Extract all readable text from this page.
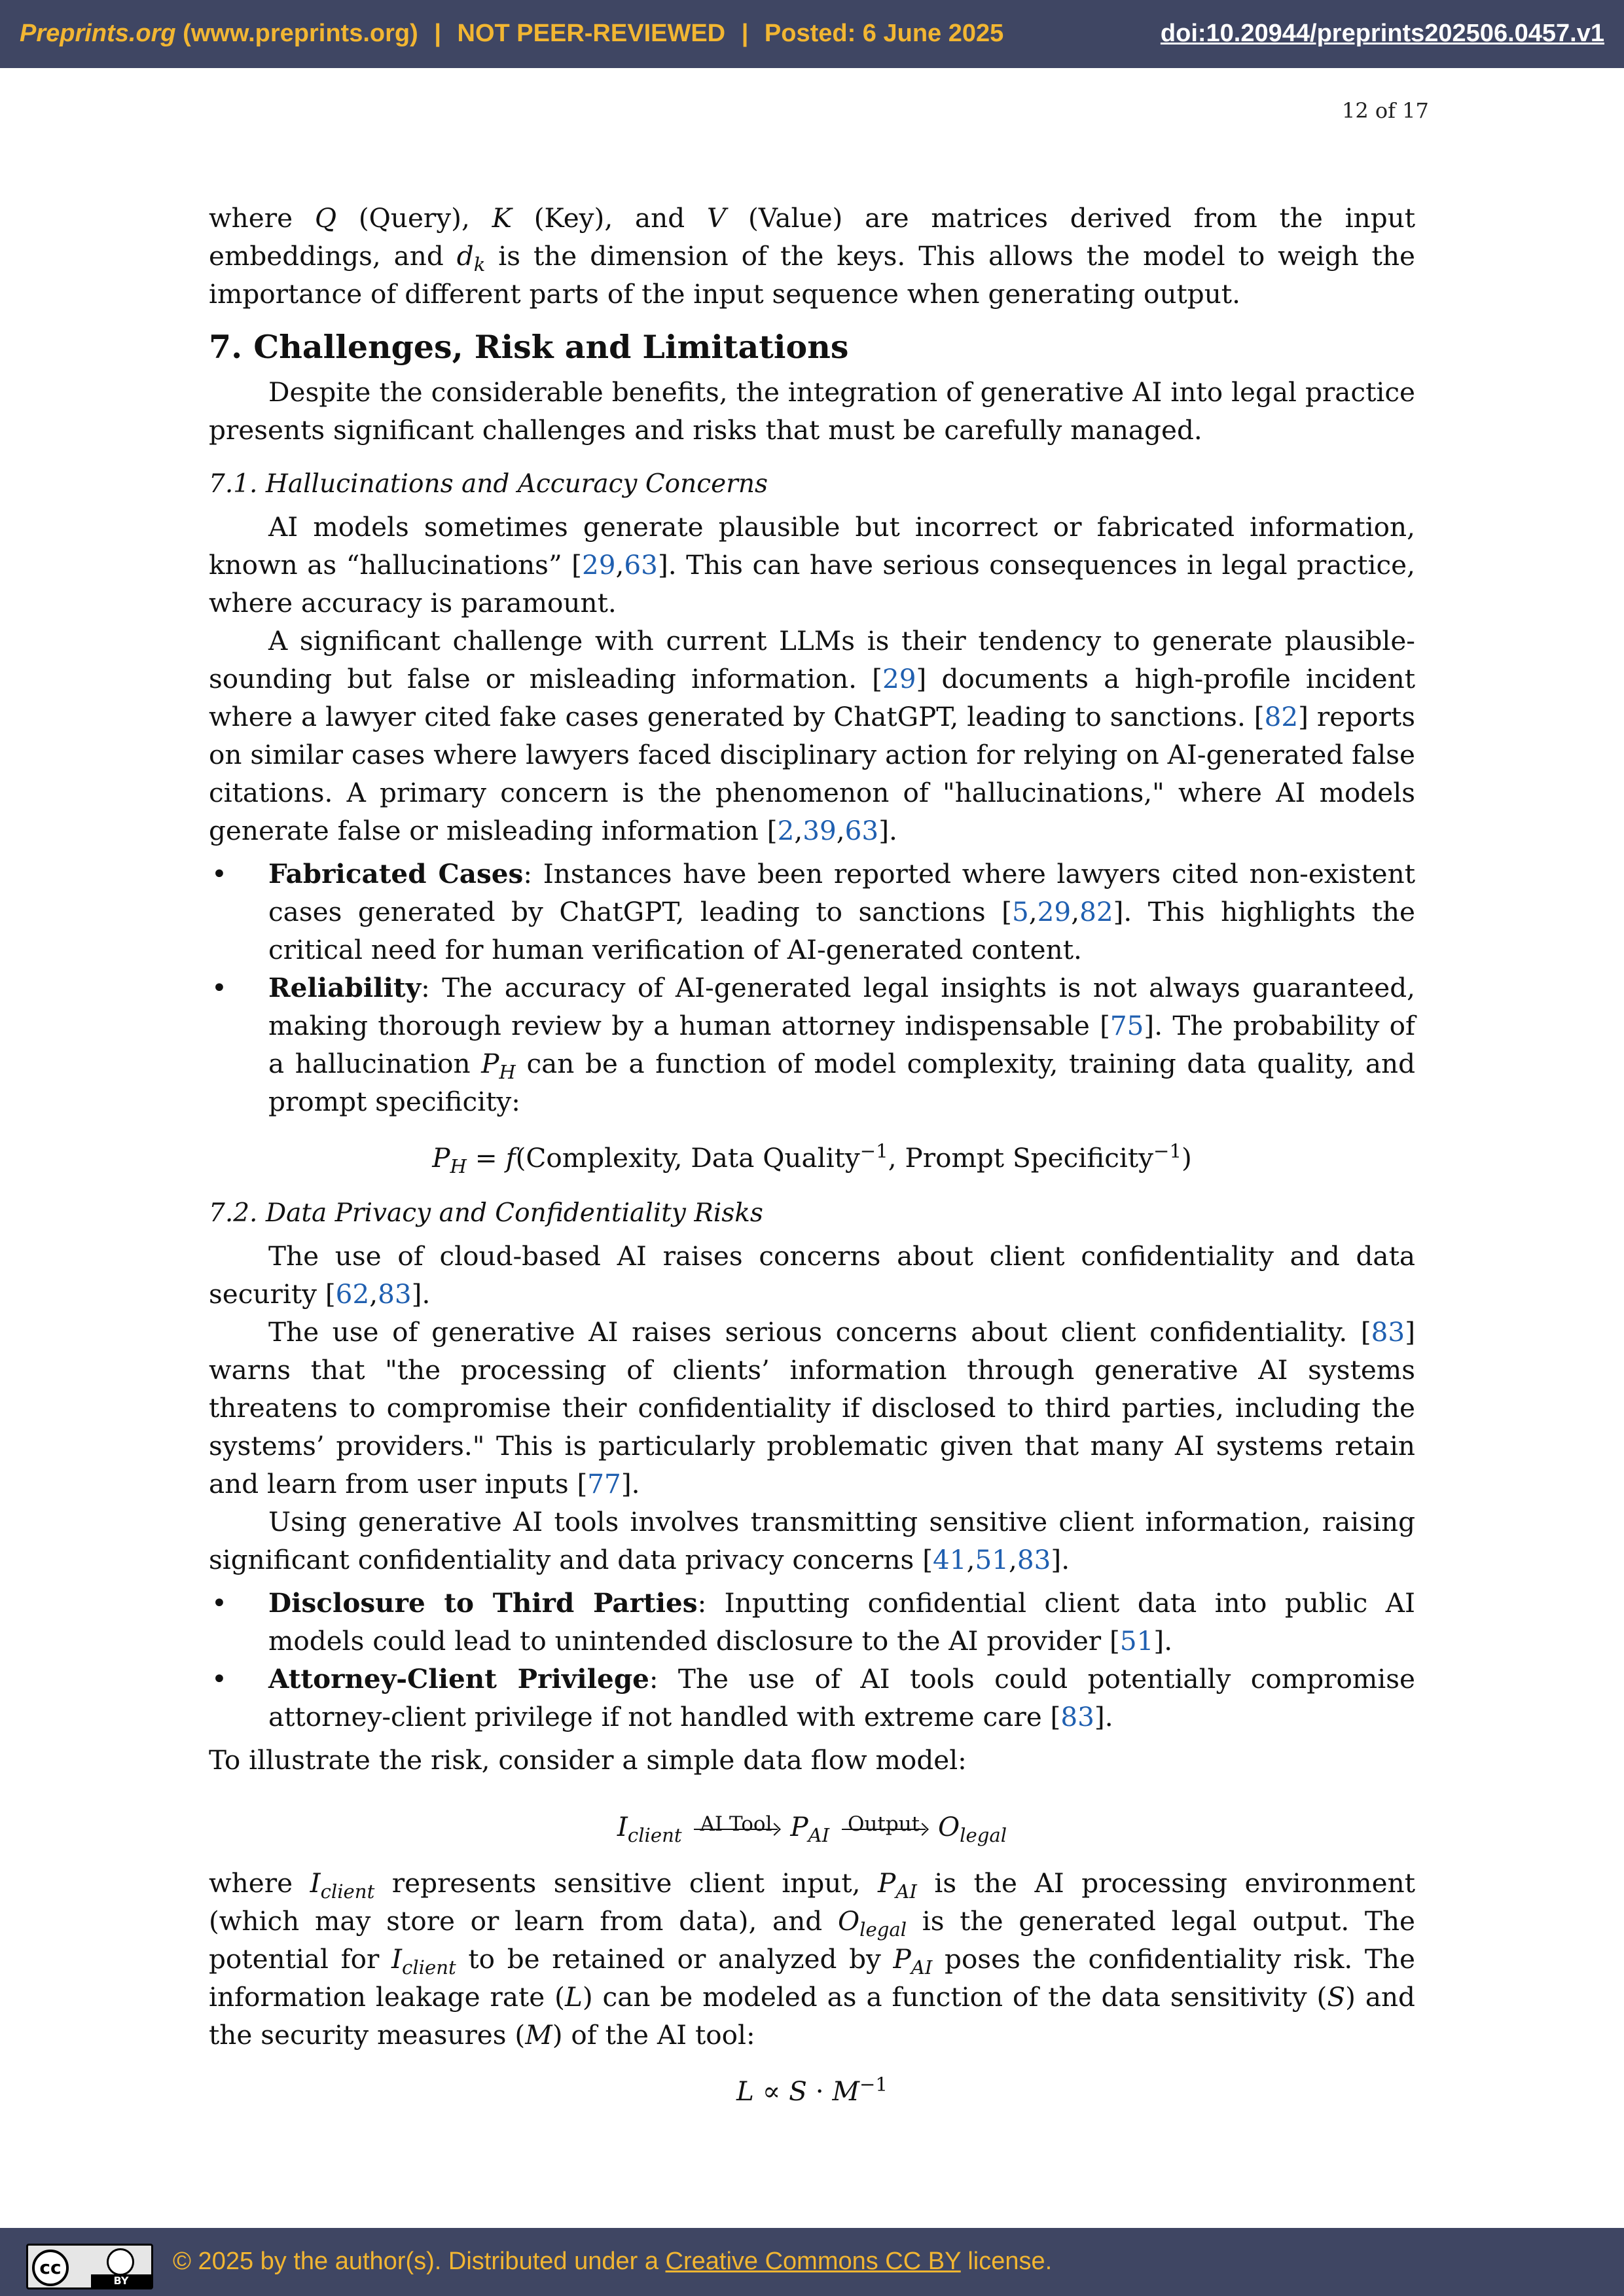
Preprints.org (www.preprints.org) | NOT PEER-REVIEWED | Posted: 6 June 2025	doi:10.20944/preprints202506.0457.v1
12 of 17

where Q (Query), K (Key), and V (Value) are matrices derived from the input embeddings, and $d_k$ is the dimension of the keys. This allows the model to weigh the importance of different parts of the input sequence when generating output.

7. Challenges, Risk and Limitations

Despite the considerable benefits, the integration of generative AI into legal practice presents significant challenges and risks that must be carefully managed.

7.1. Hallucinations and Accuracy Concerns

AI models sometimes generate plausible but incorrect or fabricated information, known as “hallucinations” [29,63]. This can have serious consequences in legal practice, where accuracy is paramount.

A significant challenge with current LLMs is their tendency to generate plausible-sounding but false or misleading information. [29] documents a high-profile incident where a lawyer cited fake cases generated by ChatGPT, leading to sanctions. [82] reports on similar cases where lawyers faced disciplinary action for relying on AI-generated false citations. A primary concern is the phenomenon of "hallucinations," where AI models generate false or misleading information [2,39,63].

• Fabricated Cases: Instances have been reported where lawyers cited non-existent cases generated by ChatGPT, leading to sanctions [5,29,82]. This highlights the critical need for human verification of AI-generated content.
• Reliability: The accuracy of AI-generated legal insights is not always guaranteed, making thorough review by a human attorney indispensable [75]. The probability of a hallucination $P_H$ can be a function of model complexity, training data quality, and prompt specificity:
$P_H$ = f(Complexity, Data Quality$^{-1}$, Prompt Specificity$^{-1}$)
7.2. Data Privacy and Confidentiality Risks

The use of cloud-based AI raises concerns about client confidentiality and data security [62,83].

The use of generative AI raises serious concerns about client confidentiality. [83] warns that "the processing of clients’ information through generative AI systems threatens to compromise their confidentiality if disclosed to third parties, including the systems’ providers." This is particularly problematic given that many AI systems retain and learn from user inputs [77].

Using generative AI tools involves transmitting sensitive client information, raising significant confidentiality and data privacy concerns [41,51,83].

• Disclosure to Third Parties: Inputting confidential client data into public AI models could lead to unintended disclosure to the AI provider [51].
• Attorney-Client Privilege: The use of AI tools could potentially compromise attorney-client privilege if not handled with extreme care [83].

To illustrate the risk, consider a simple data flow model:

$I_{client}$ AI Tool $P_{AI}$ Output $O_{legal}$

where $I_{client}$ represents sensitive client input, $P_{AI}$ is the AI processing environment (which may store or learn from data), and $O_{legal}$ is the generated legal output. The potential for $I_{client}$ to be retained or analyzed by $P_{AI}$ poses the confidentiality risk. The information leakage rate (L) can be modeled as a function of the data sensitivity (S) and the security measures (M) of the AI tool:

$L \propto S \cdot M^{-1}$
cc
BY
© 2025 by the author(s). Distributed under a Creative Commons CC BY license.
